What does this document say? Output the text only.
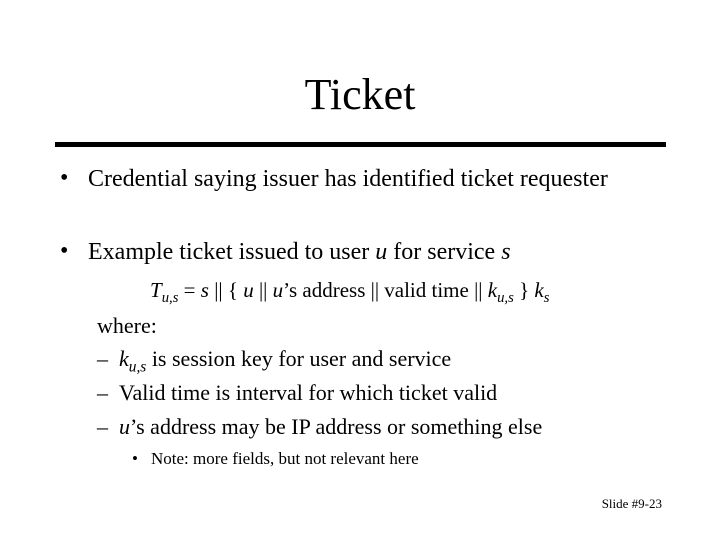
Ticket
• Credential saying issuer has identified ticket requester
• Example ticket issued to user u for service s
$T_{u,s} = s$ || { u || u’s address || valid time || $k_{u,s}$ } $k_s$
where:
– $k_{u,s}$ is session key for user and service
– Valid time is interval for which ticket valid
– u’s address may be IP address or something else
• Note: more fields, but not relevant here
Slide #9-23
